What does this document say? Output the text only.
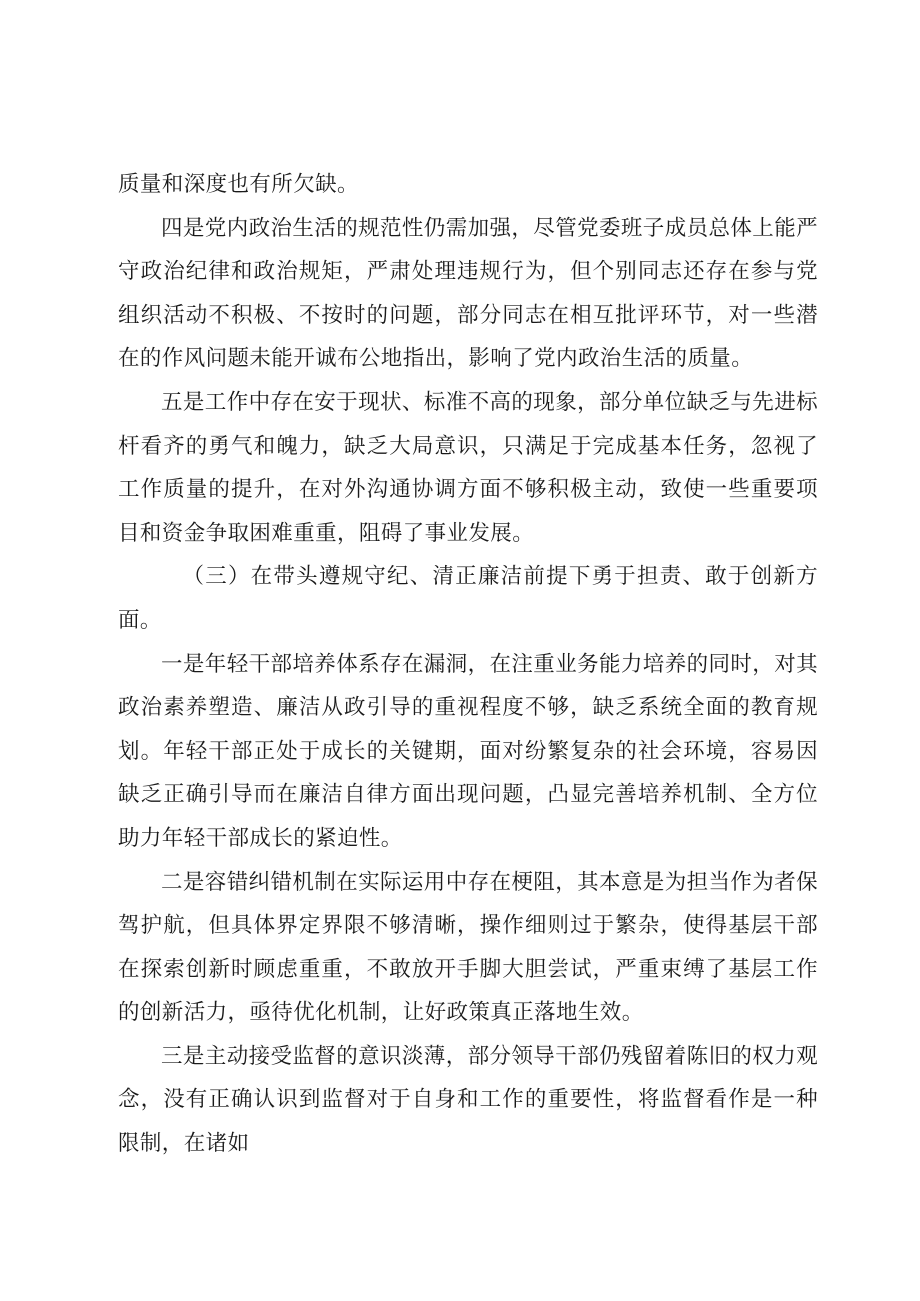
质量和深度也有所欠缺。

四是党内政治生活的规范性仍需加强，尽管党委班子成员总体上能严守政治纪律和政治规矩，严肃处理违规行为，但个别同志还存在参与党组织活动不积极、不按时的问题，部分同志在相互批评环节，对一些潜在的作风问题未能开诚布公地指出，影响了党内政治生活的质量。

五是工作中存在安于现状、标准不高的现象，部分单位缺乏与先进标杆看齐的勇气和魄力，缺乏大局意识，只满足于完成基本任务，忽视了工作质量的提升，在对外沟通协调方面不够积极主动，致使一些重要项目和资金争取困难重重，阻碍了事业发展。

（三）在带头遵规守纪、清正廉洁前提下勇于担责、敢于创新方面。

一是年轻干部培养体系存在漏洞，在注重业务能力培养的同时，对其政治素养塑造、廉洁从政引导的重视程度不够，缺乏系统全面的教育规划。年轻干部正处于成长的关键期，面对纷繁复杂的社会环境，容易因缺乏正确引导而在廉洁自律方面出现问题，凸显完善培养机制、全方位助力年轻干部成长的紧迫性。

二是容错纠错机制在实际运用中存在梗阻，其本意是为担当作为者保驾护航，但具体界定界限不够清晰，操作细则过于繁杂，使得基层干部在探索创新时顾虑重重，不敢放开手脚大胆尝试，严重束缚了基层工作的创新活力，亟待优化机制，让好政策真正落地生效。

三是主动接受监督的意识淡薄，部分领导干部仍残留着陈旧的权力观念，没有正确认识到监督对于自身和工作的重要性，将监督看作是一种限制，在诸如
